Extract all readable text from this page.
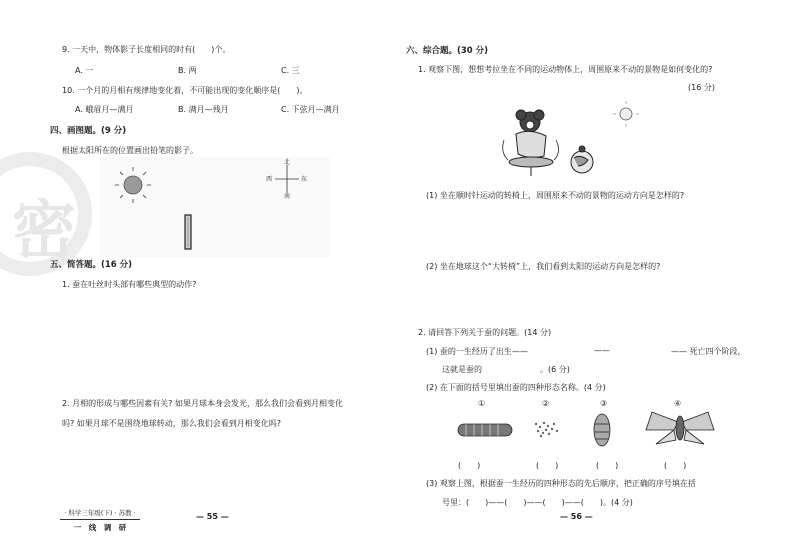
密
9. 一天中，物体影子长度相同的时有(　　)个。
A. 一	B. 两	C. 三
10. 一个月的月相有规律地变化着，不可能出现的变化顺序是(　　)。
A. 蛾眉月—满月	B. 满月—残月	C. 下弦月—满月
四、画图题。(9 分)
根据太阳所在的位置画出铅笔的影子。
北
南
西	东
五、简答题。(16 分)
1. 蚕在吐丝时头部有哪些典型的动作?
2. 月相的形成与哪些因素有关? 如果月球本身会发光，那么我们会看到月相变化
吗? 如果月球不是围绕地球转动，那么我们会看到月相变化吗?
· 科学三年级(下) · 苏教 ·
一　线　调　研
— 55 —
六、综合题。(30 分)
1. 观察下图，想想考拉坐在不同的运动物体上，周围原来不动的景物是如何变化的?
(16 分)
(1) 坐在顺时针运动的转椅上，周围原来不动的景物的运动方向是怎样的?
(2) 坐在地球这个“大转椅”上，我们看到太阳的运动方向是怎样的?
2. 请回答下列关于蚕的问题。(14 分)
(1) 蚕的一生经历了出生——	——	—— 死亡四个阶段，
这就是蚕的	。(6 分)
(2) 在下面的括号里填出蚕的四种形态名称。(4 分)
①	②	③	④
(　　)	(　　)	(　　)	(　　)
(3) 观察上图，根据蚕一生经历的四种形态的先后顺序，把正确的序号填在括
号里：(　　)——(　　)——(　　)——(　　)。(4 分)
— 56 —
